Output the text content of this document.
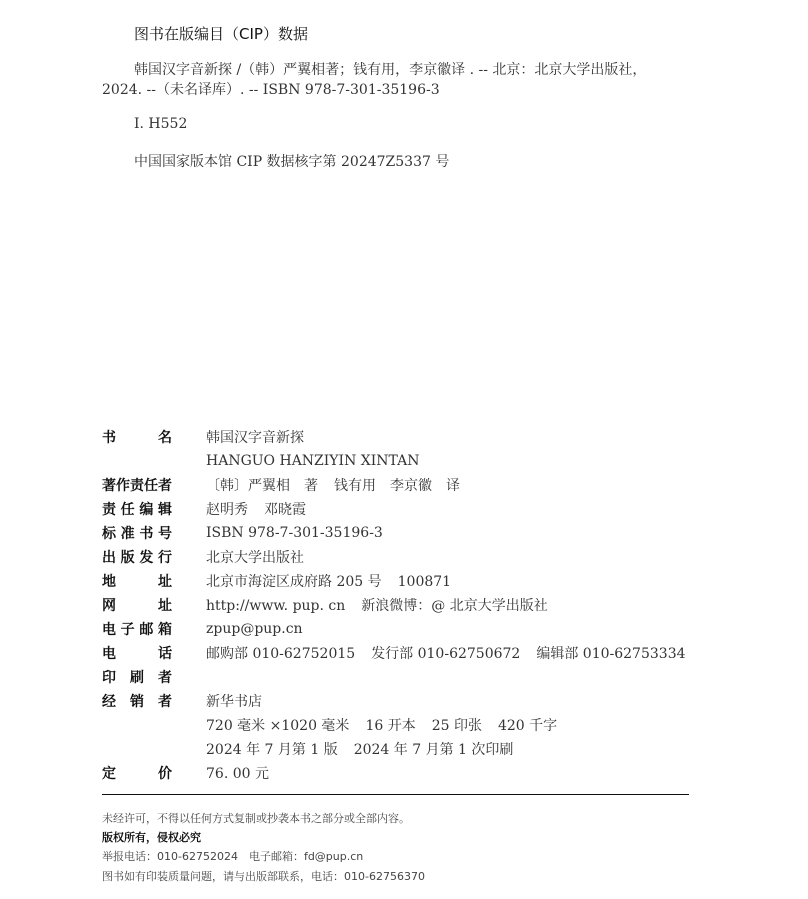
图书在版编目（CIP）数据
韩国汉字音新探 /（韩）严翼相著；钱有用，李京徽译 . -- 北京：北京大学出版社，
2024. --（未名译库）. -- ISBN 978-7-301-35196-3
Ⅰ. H552
中国国家版本馆 CIP 数据核字第 20247Z5337 号
书名 韩国汉字音新探
HANGUO HANZIYIN XINTAN
著作责任者 〔韩〕严翼相　著 钱有用　李京徽　译
责任编辑 赵明秀 邓晓霞
标准书号 ISBN 978-7-301-35196-3
出版发行 北京大学出版社
地址 北京市海淀区成府路 205 号 100871
网址 http://www. pup. cn 新浪微博：@ 北京大学出版社
电子邮箱 zpup@pup.cn
电话 邮购部 010-62752015 发行部 010-62750672 编辑部 010-62753334
印刷者
经销者 新华书店
720 毫米 ×1020 毫米 16 开本 25 印张 420 千字
2024 年 7 月第 1 版 2024 年 7 月第 1 次印刷
定价 76. 00 元
未经许可，不得以任何方式复制或抄袭本书之部分或全部内容。
版权所有，侵权必究
举报电话：010-62752024　电子邮箱：fd@pup.cn
图书如有印装质量问题，请与出版部联系，电话：010-62756370
